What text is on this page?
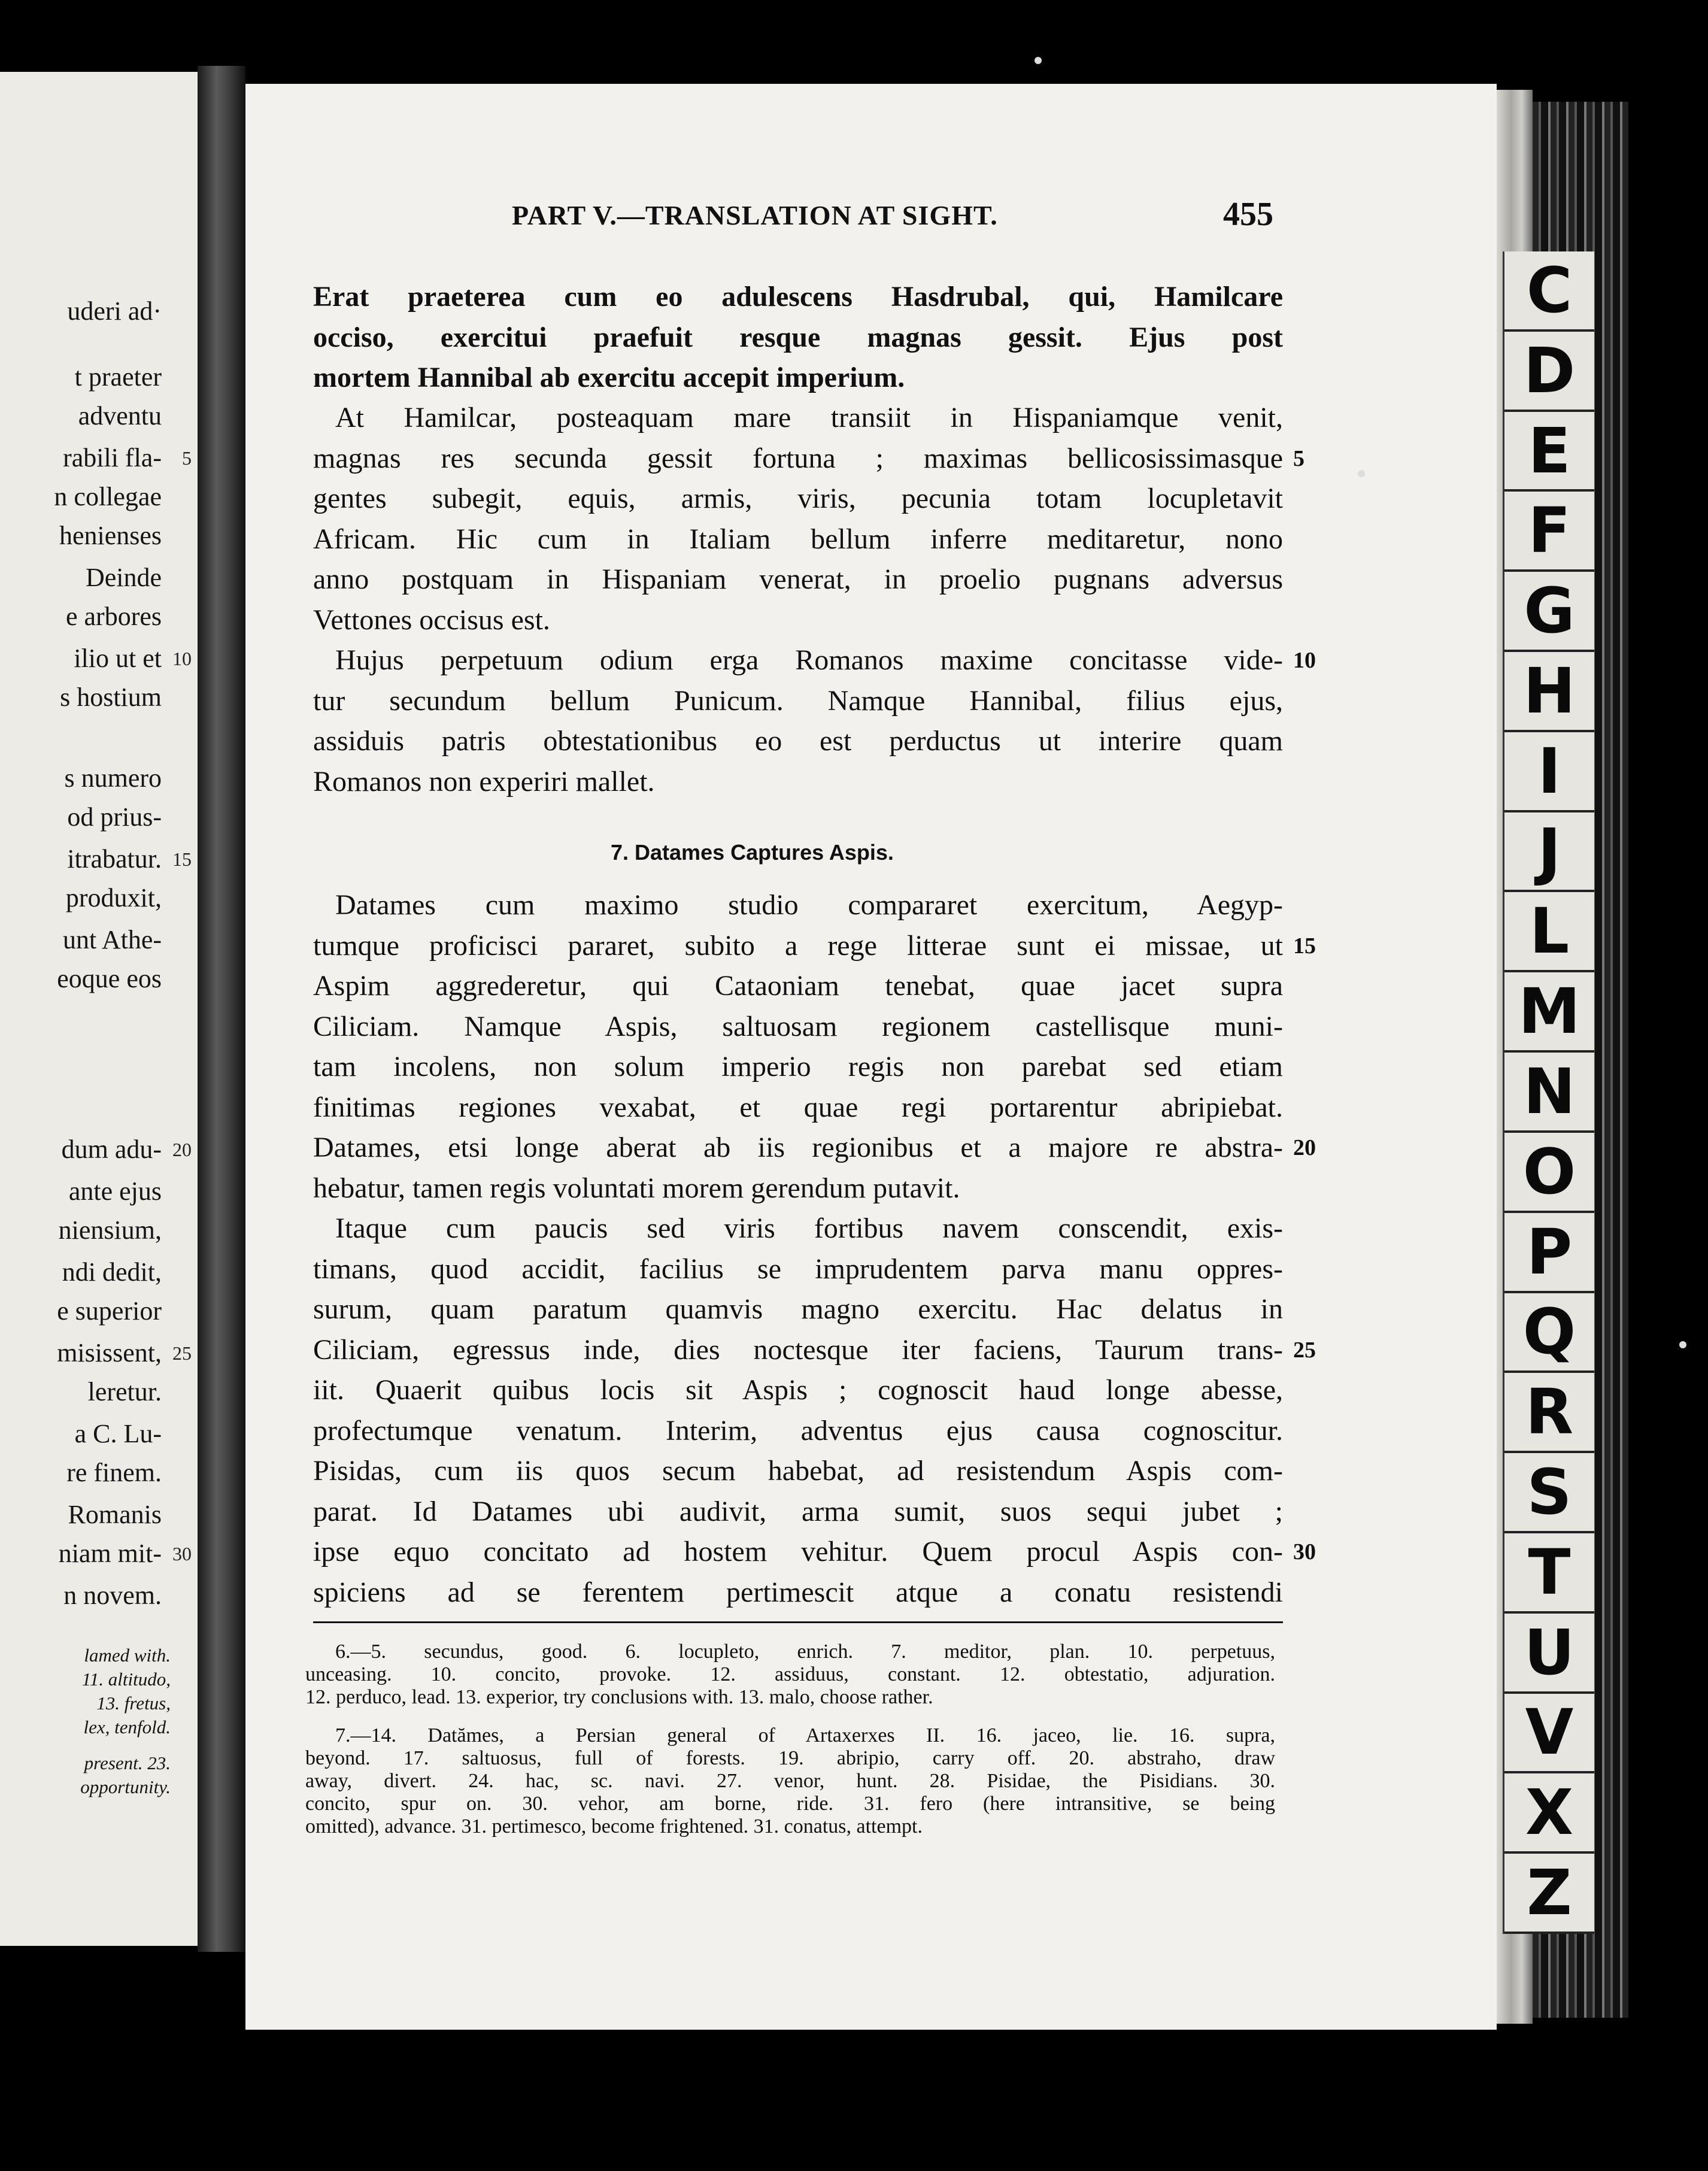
C
D
E
F
G
H
I
J
L
M
N
O
P
Q
R
S
T
U
V
X
Z
PART V.—TRANSLATION AT SIGHT.	455
Erat praeterea cum eo adulescens Hasdrubal, qui, Hamilcare
occiso, exercitui praefuit resque magnas gessit. Ejus post
mortem Hannibal ab exercitu accepit imperium.
At Hamilcar, posteaquam mare transiit in Hispaniamque venit,
magnas res secunda gessit fortuna ; maximas bellicosissimasque 5
gentes subegit, equis, armis, viris, pecunia totam locupletavit
Africam. Hic cum in Italiam bellum inferre meditaretur, nono
anno postquam in Hispaniam venerat, in proelio pugnans adversus
Vettones occisus est.
Hujus perpetuum odium erga Romanos maxime concitasse vide- 10
tur secundum bellum Punicum. Namque Hannibal, filius ejus,
assiduis patris obtestationibus eo est perductus ut interire quam
Romanos non experiri mallet.
Datames cum maximo studio compararet exercitum, Aegyp-
tumque proficisci pararet, subito a rege litterae sunt ei missae, ut 15
Aspim aggrederetur, qui Cataoniam tenebat, quae jacet supra
Ciliciam. Namque Aspis, saltuosam regionem castellisque muni-
tam incolens, non solum imperio regis non parebat sed etiam
finitimas regiones vexabat, et quae regi portarentur abripiebat.
Datames, etsi longe aberat ab iis regionibus et a majore re abstra- 20
hebatur, tamen regis voluntati morem gerendum putavit.
Itaque cum paucis sed viris fortibus navem conscendit, exis-
timans, quod accidit, facilius se imprudentem parva manu oppres-
surum, quam paratum quamvis magno exercitu. Hac delatus in
Ciliciam, egressus inde, dies noctesque iter faciens, Taurum trans- 25
iit. Quaerit quibus locis sit Aspis ; cognoscit haud longe abesse,
profectumque venatum. Interim, adventus ejus causa cognoscitur.
Pisidas, cum iis quos secum habebat, ad resistendum Aspis com-
parat. Id Datames ubi audivit, arma sumit, suos sequi jubet ;
ipse equo concitato ad hostem vehitur. Quem procul Aspis con- 30
spiciens ad se ferentem pertimescit atque a conatu resistendi
7. Datames Captures Aspis.
6.—5. secundus, good. 6. locupleto, enrich. 7. meditor, plan. 10. perpetuus,
unceasing. 10. concito, provoke. 12. assiduus, constant. 12. obtestatio, adjuration.
12. perduco, lead. 13. experior, try conclusions with. 13. malo, choose rather.
7.—14. Datămes, a Persian general of Artaxerxes II. 16. jaceo, lie. 16. supra,
beyond. 17. saltuosus, full of forests. 19. abripio, carry off. 20. abstraho, draw
away, divert. 24. hac, sc. navi. 27. venor, hunt. 28. Pisidae, the Pisidians. 30.
concito, spur on. 30. vehor, am borne, ride. 31. fero (here intransitive, se being
omitted), advance. 31. pertimesco, become frightened. 31. conatus, attempt.
uderi ad·
t praeter
adventu
rabili fla-
n collegae
henienses
Deinde
e arbores
ilio ut et
s hostium
s numero
od prius-
itrabatur.
produxit,
unt Athe-
eoque eos
dum adu-
ante ejus
niensium,
ndi dedit,
e superior
misissent,
leretur.
a C. Lu-
re finem.
Romanis
niam mit-
n novem.
5
10
15
20
25
30
lamed with.
11. altitudo,
13. fretus,
lex, tenfold.
present. 23.
opportunity.
